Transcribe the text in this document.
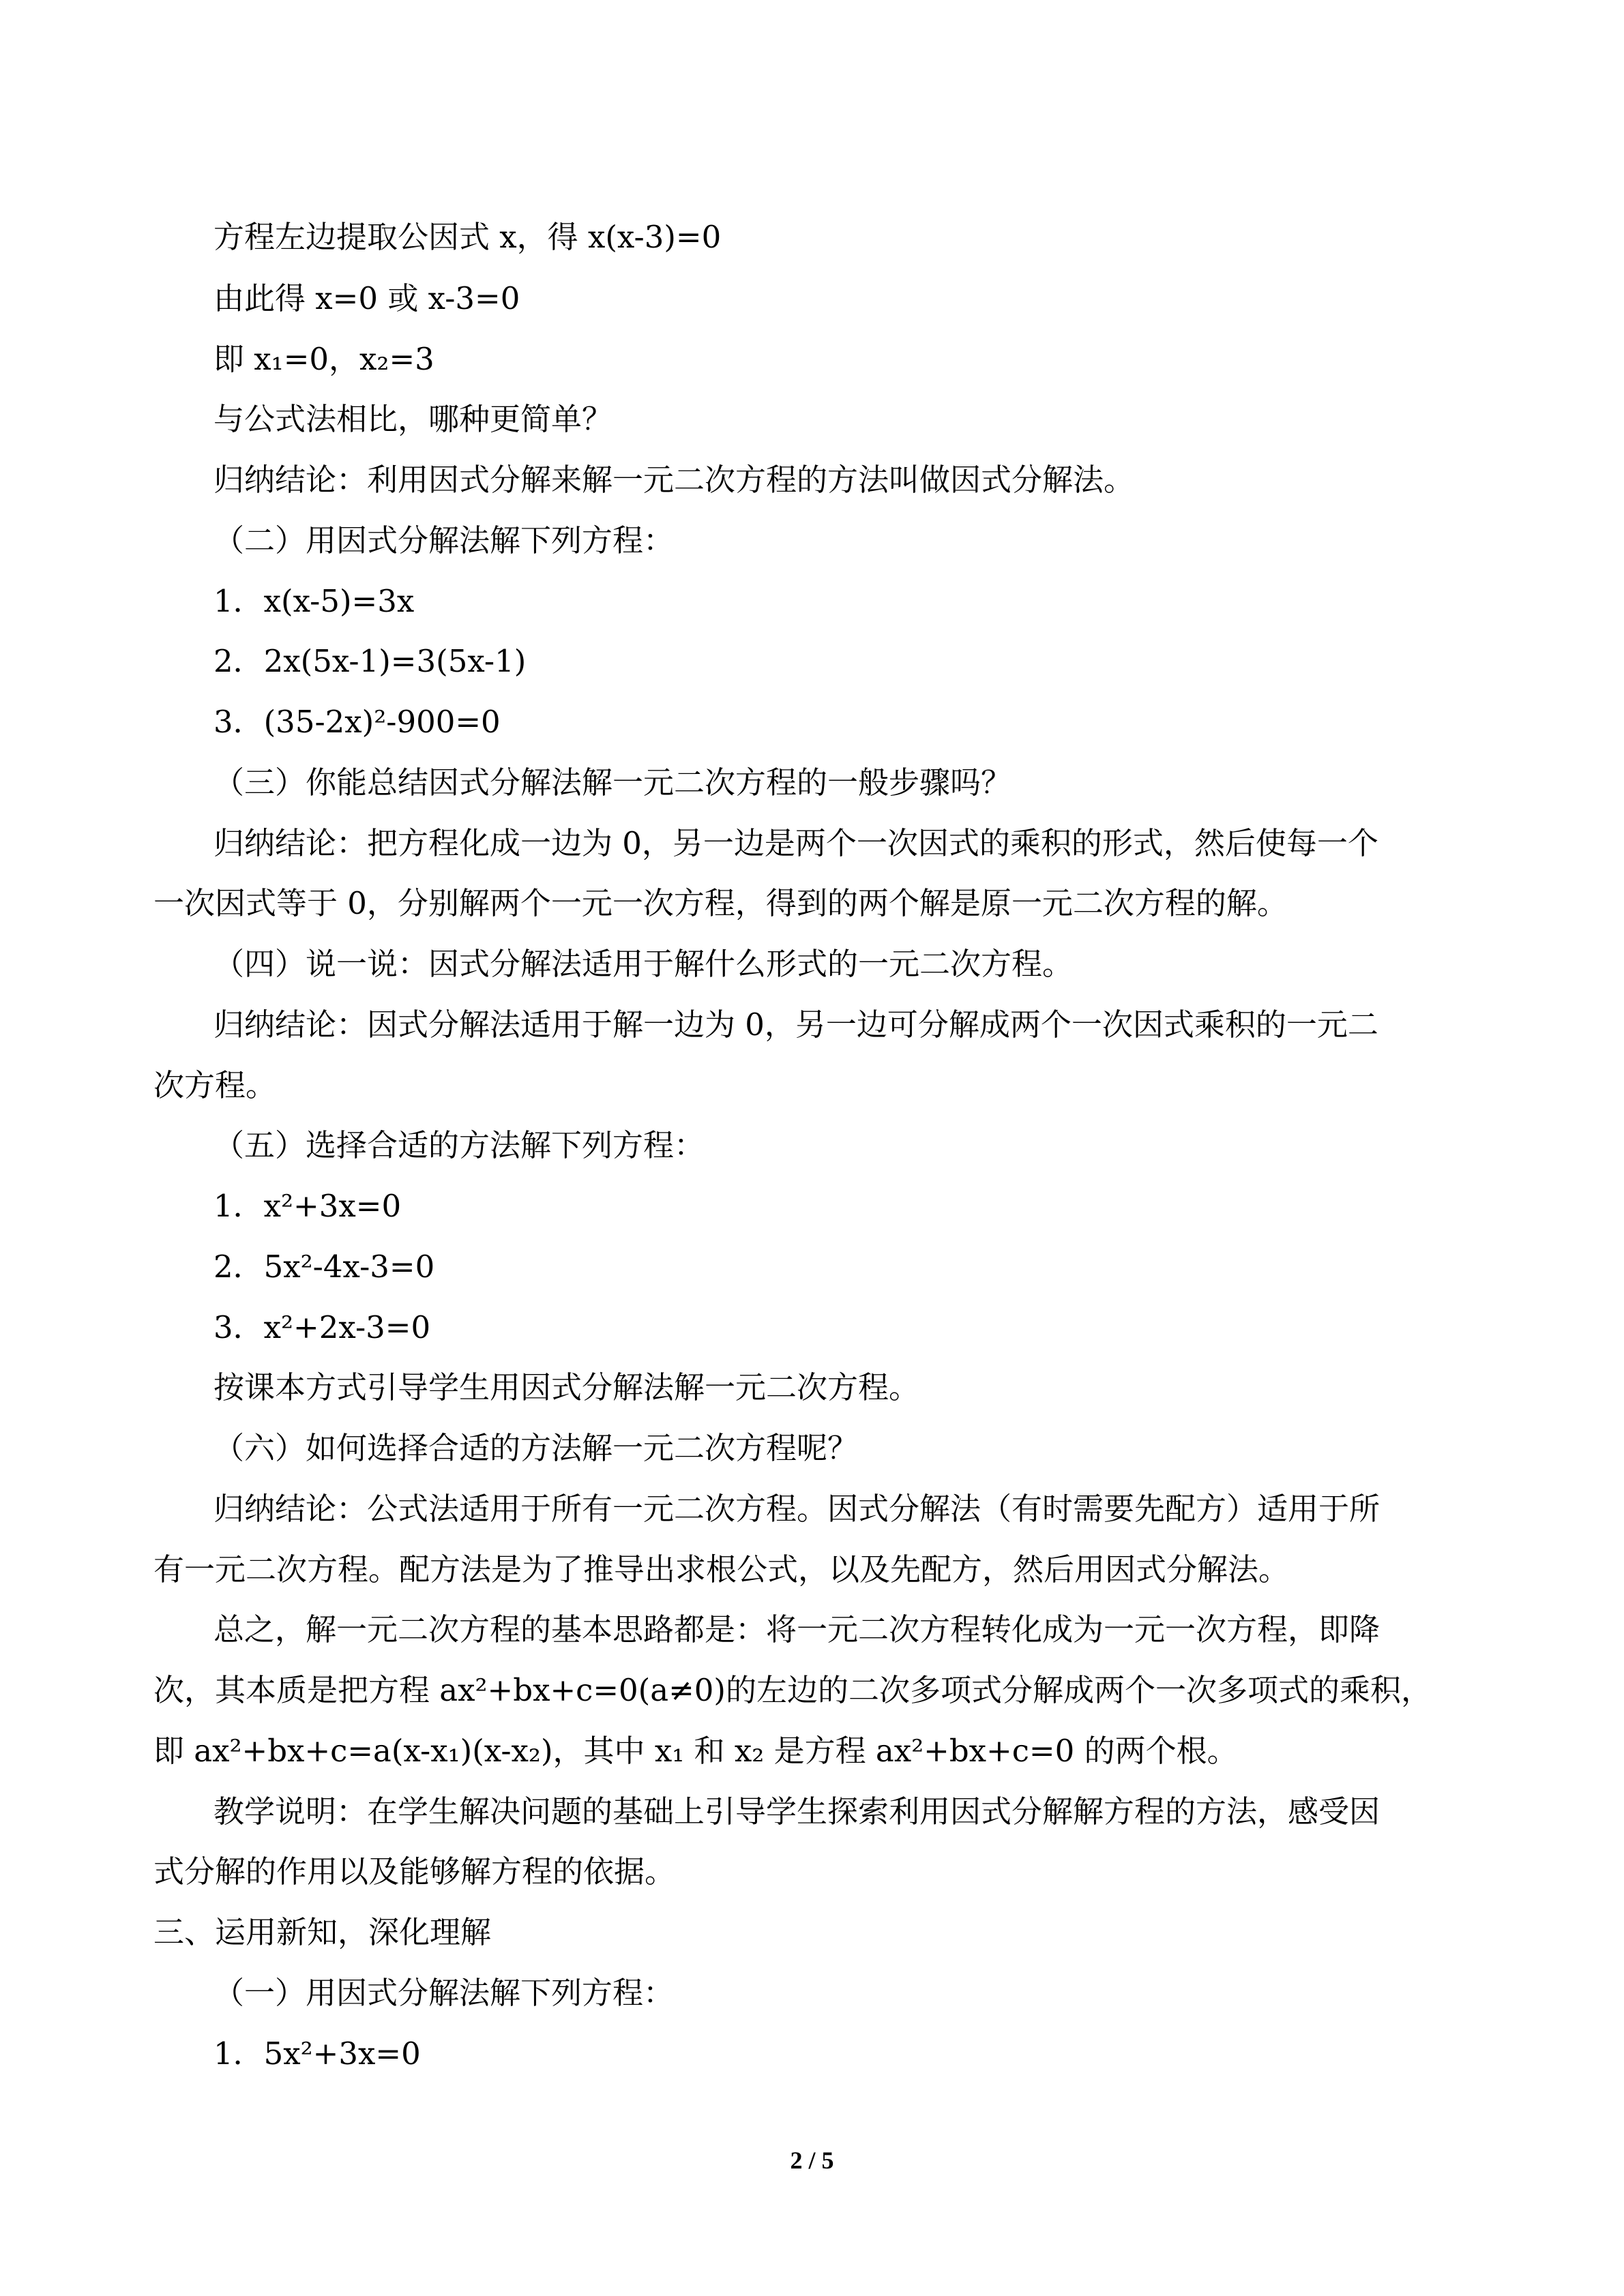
方程左边提取公因式 x，得 x(x-3)=0
由此得 x=0 或 x-3=0
即 x₁=0，x₂=3
与公式法相比，哪种更简单？
归纳结论：利用因式分解来解一元二次方程的方法叫做因式分解法。
（二）用因式分解法解下列方程：
1．x(x-5)=3x
2．2x(5x-1)=3(5x-1)
3．(35-2x)²-900=0
（三）你能总结因式分解法解一元二次方程的一般步骤吗？
归纳结论：把方程化成一边为 0，另一边是两个一次因式的乘积的形式，然后使每一个
一次因式等于 0，分别解两个一元一次方程，得到的两个解是原一元二次方程的解。
（四）说一说：因式分解法适用于解什么形式的一元二次方程。
归纳结论：因式分解法适用于解一边为 0，另一边可分解成两个一次因式乘积的一元二
次方程。
（五）选择合适的方法解下列方程：
1．x²+3x=0
2．5x²-4x-3=0
3．x²+2x-3=0
按课本方式引导学生用因式分解法解一元二次方程。
（六）如何选择合适的方法解一元二次方程呢？
归纳结论：公式法适用于所有一元二次方程。因式分解法（有时需要先配方）适用于所
有一元二次方程。配方法是为了推导出求根公式，以及先配方，然后用因式分解法。
总之，解一元二次方程的基本思路都是：将一元二次方程转化成为一元一次方程，即降
次，其本质是把方程 ax²+bx+c=0(a≠0)的左边的二次多项式分解成两个一次多项式的乘积，
即 ax²+bx+c=a(x-x₁)(x-x₂)，其中 x₁ 和 x₂ 是方程 ax²+bx+c=0 的两个根。
教学说明：在学生解决问题的基础上引导学生探索利用因式分解解方程的方法，感受因
式分解的作用以及能够解方程的依据。
三、运用新知，深化理解
（一）用因式分解法解下列方程：
1．5x²+3x=0
2 / 5
